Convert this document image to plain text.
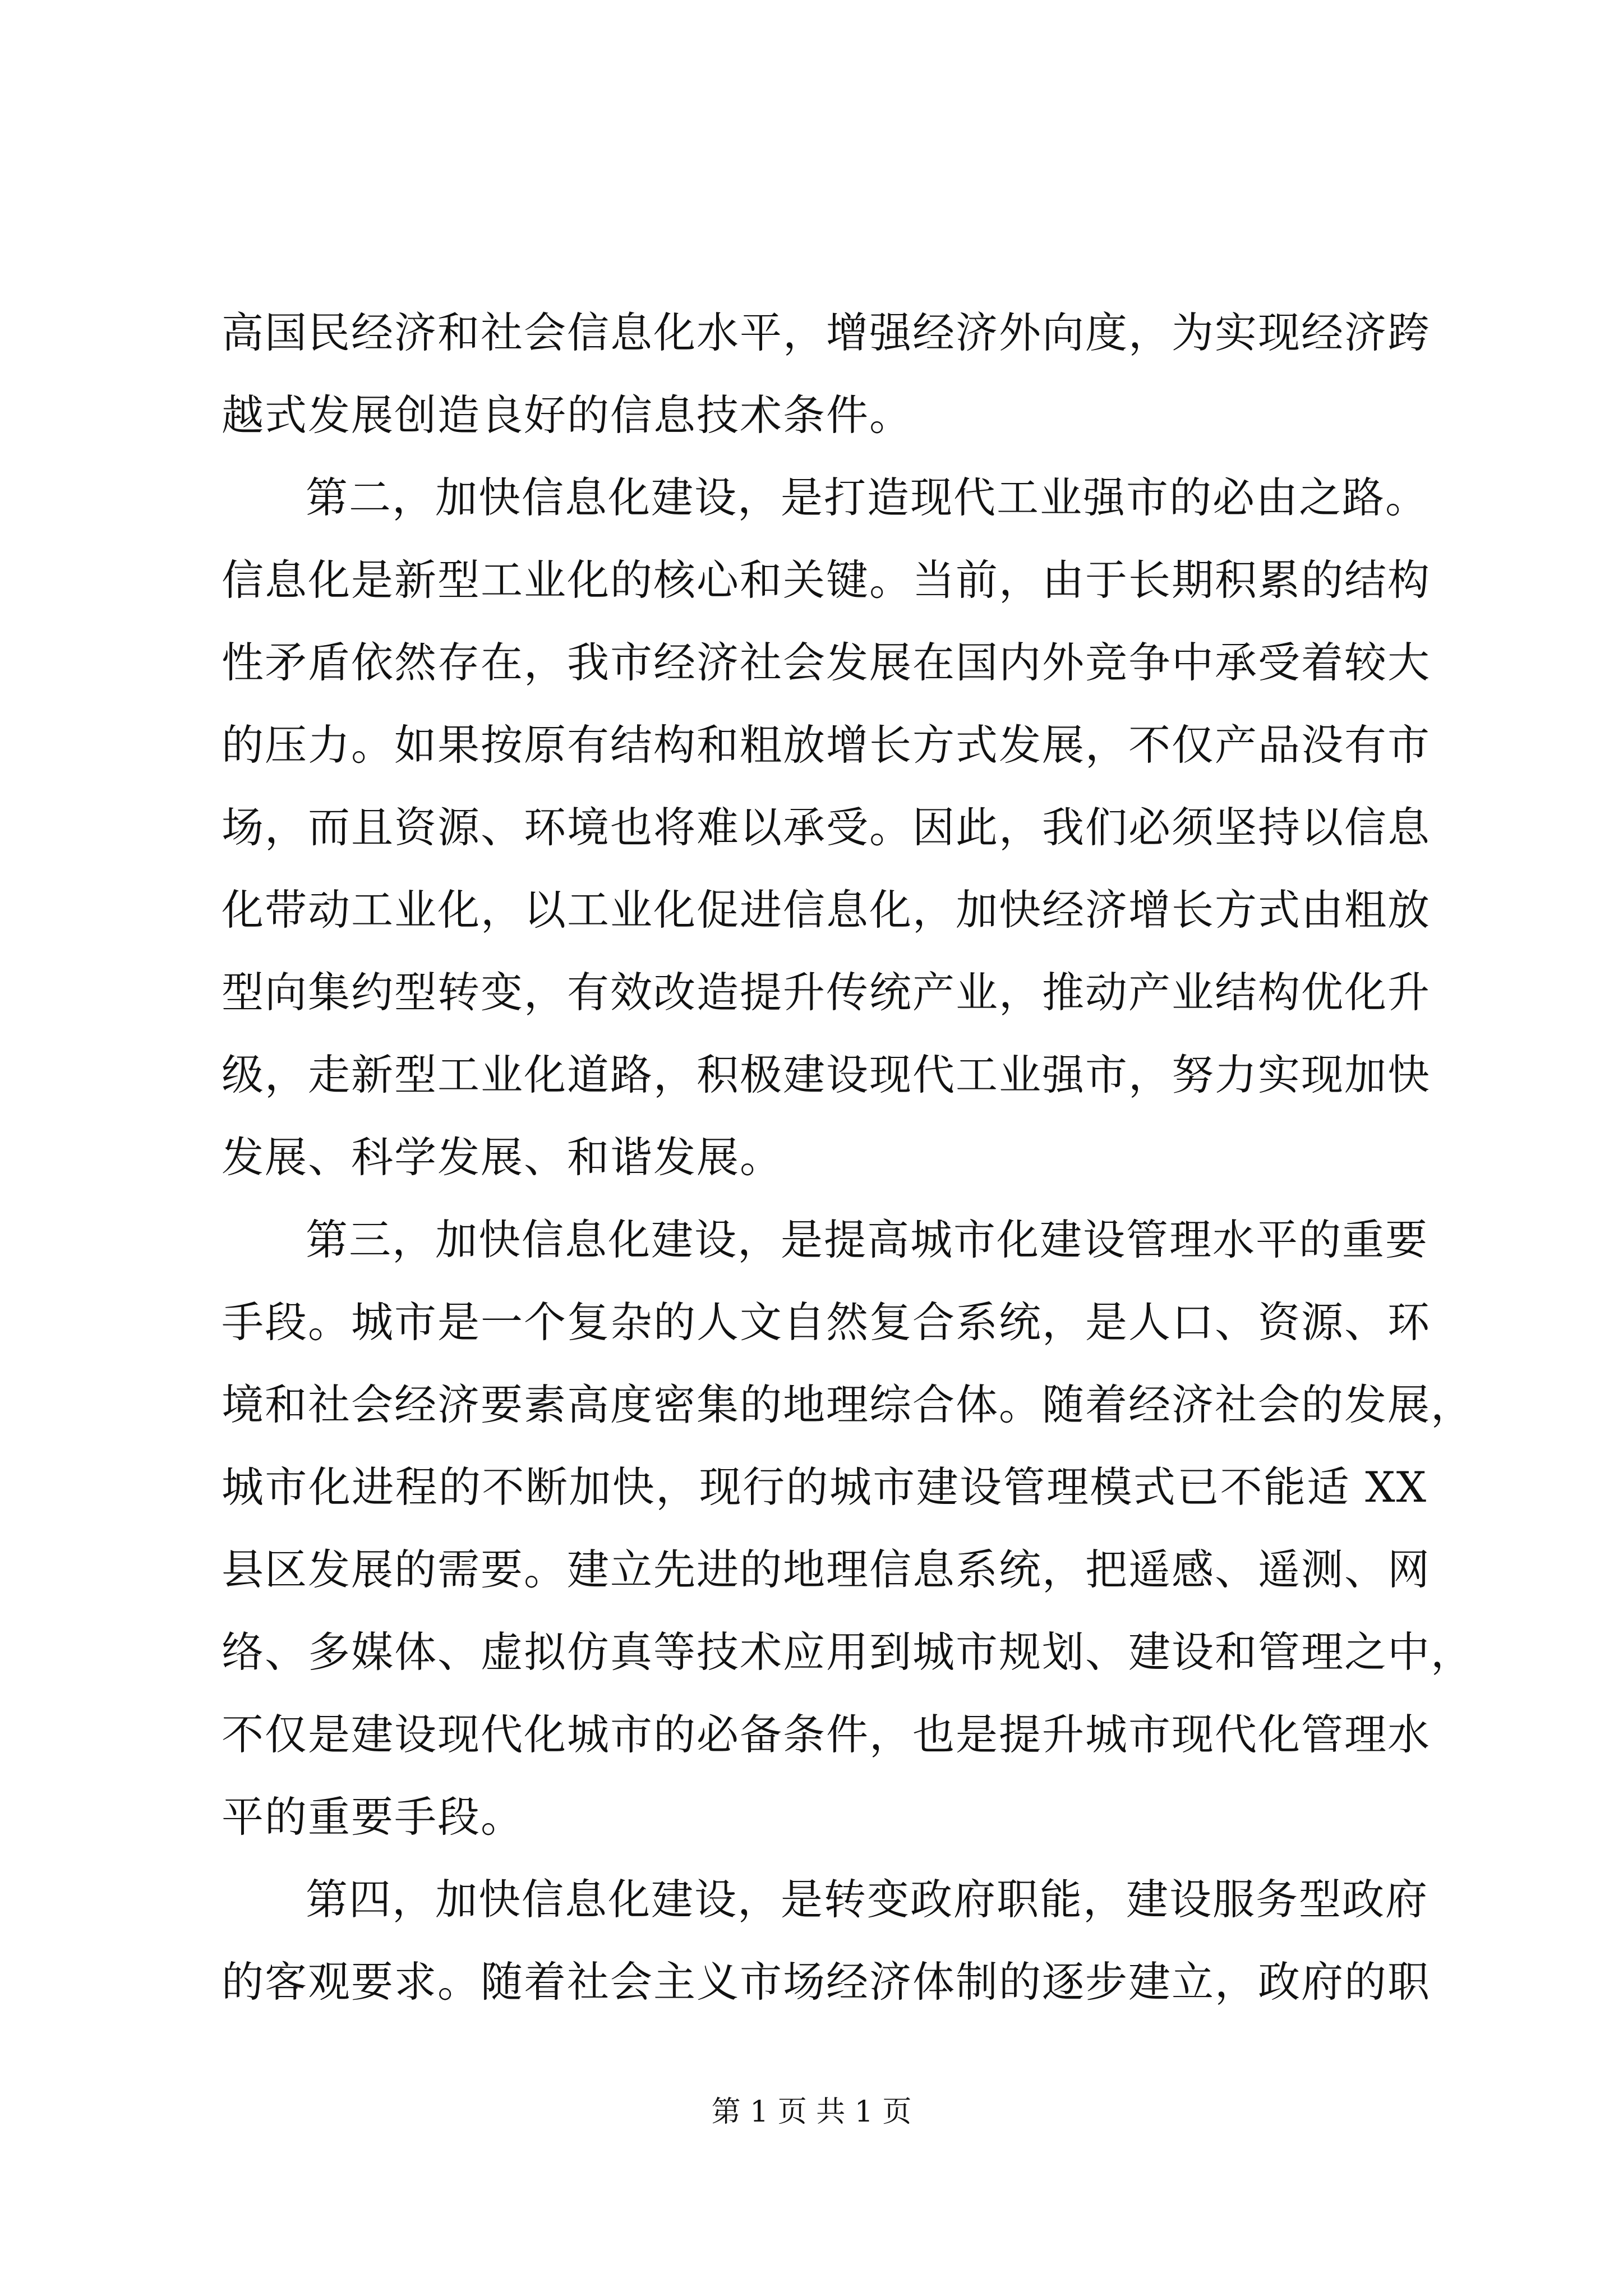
高国民经济和社会信息化水平，增强经济外向度，为实现经济跨
越式发展创造良好的信息技术条件。
第二，加快信息化建设，是打造现代工业强市的必由之路。
信息化是新型工业化的核心和关键。当前，由于长期积累的结构
性矛盾依然存在，我市经济社会发展在国内外竞争中承受着较大
的压力。如果按原有结构和粗放增长方式发展，不仅产品没有市
场，而且资源、环境也将难以承受。因此，我们必须坚持以信息
化带动工业化，以工业化促进信息化，加快经济增长方式由粗放
型向集约型转变，有效改造提升传统产业，推动产业结构优化升
级，走新型工业化道路，积极建设现代工业强市，努力实现加快
发展、科学发展、和谐发展。
第三，加快信息化建设，是提高城市化建设管理水平的重要
手段。城市是一个复杂的人文自然复合系统，是人口、资源、环
境和社会经济要素高度密集的地理综合体。随着经济社会的发展，
城市化进程的不断加快，现行的城市建设管理模式已不能适 XX
县区发展的需要。建立先进的地理信息系统，把遥感、遥测、网
络、多媒体、虚拟仿真等技术应用到城市规划、建设和管理之中，
不仅是建设现代化城市的必备条件，也是提升城市现代化管理水
平的重要手段。
第四，加快信息化建设，是转变政府职能，建设服务型政府
的客观要求。随着社会主义市场经济体制的逐步建立，政府的职
第 1 页 共 1 页
